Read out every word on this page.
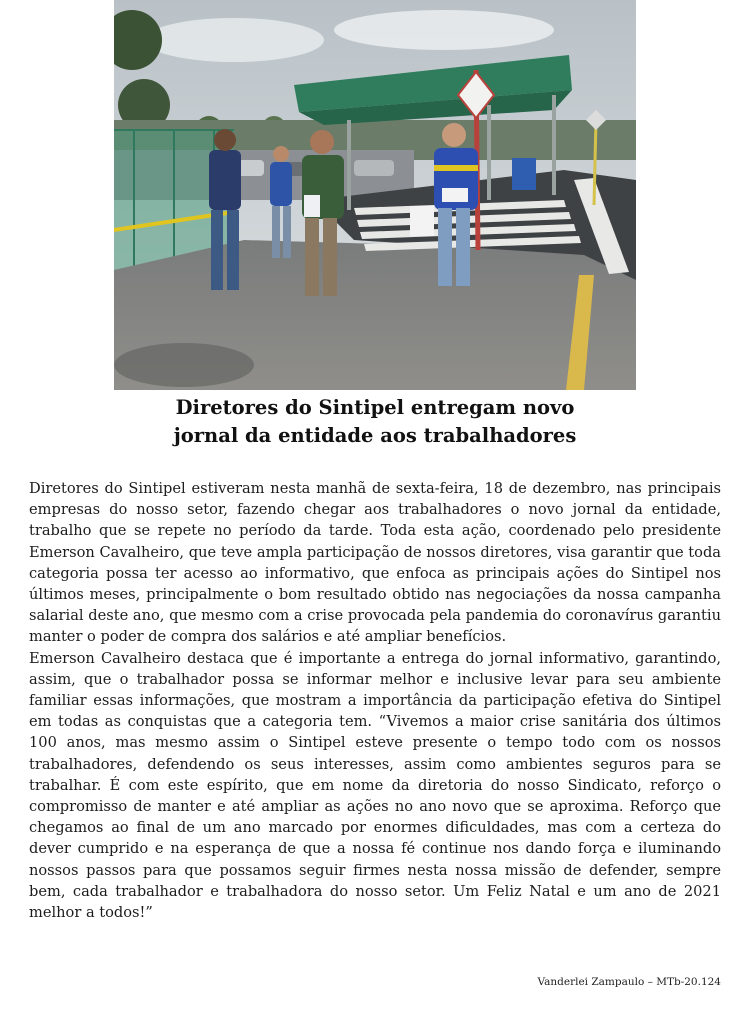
Diretores do Sintipel entregam novo
jornal da entidade aos trabalhadores

Diretores do Sintipel estiveram nesta manhã de sexta-feira, 18 de dezembro, nas principais empresas do nosso setor, fazendo chegar aos trabalhadores o novo jornal da entidade, trabalho que se repete no período da tarde. Toda esta ação, coordenado pelo presidente Emerson Cavalheiro, que teve ampla participação de nossos diretores, visa garantir que toda categoria possa ter acesso ao informativo, que enfoca as principais ações do Sintipel nos últimos meses, principalmente o bom resultado obtido nas negociações da nossa campanha salarial deste ano, que mesmo com a crise provocada pela pandemia do coronavírus garantiu manter o poder de compra dos salários e até ampliar benefícios.

Emerson Cavalheiro destaca que é importante a entrega do jornal informativo, garantindo, assim, que o trabalhador possa se informar melhor e inclusive levar para seu ambiente familiar essas informações, que mostram a importância da participação efetiva do Sintipel em todas as conquistas que a categoria tem. “Vivemos a maior crise sanitária dos últimos 100 anos, mas mesmo assim o Sintipel esteve presente o tempo todo com os nossos trabalhadores, defendendo os seus interesses, assim como ambientes seguros para se trabalhar. É com este espírito, que em nome da diretoria do nosso Sindicato, reforço o compromisso de manter e até ampliar as ações no ano novo que se aproxima. Reforço que chegamos ao final de um ano marcado por enormes dificuldades, mas com a certeza do dever cumprido e na esperança de que a nossa fé continue nos dando força e iluminando nossos passos para que possamos seguir firmes nesta nossa missão de defender, sempre bem, cada trabalhador e trabalhadora do nosso setor. Um Feliz Natal e um ano de 2021 melhor a todos!”

Vanderlei Zampaulo – MTb-20.124
